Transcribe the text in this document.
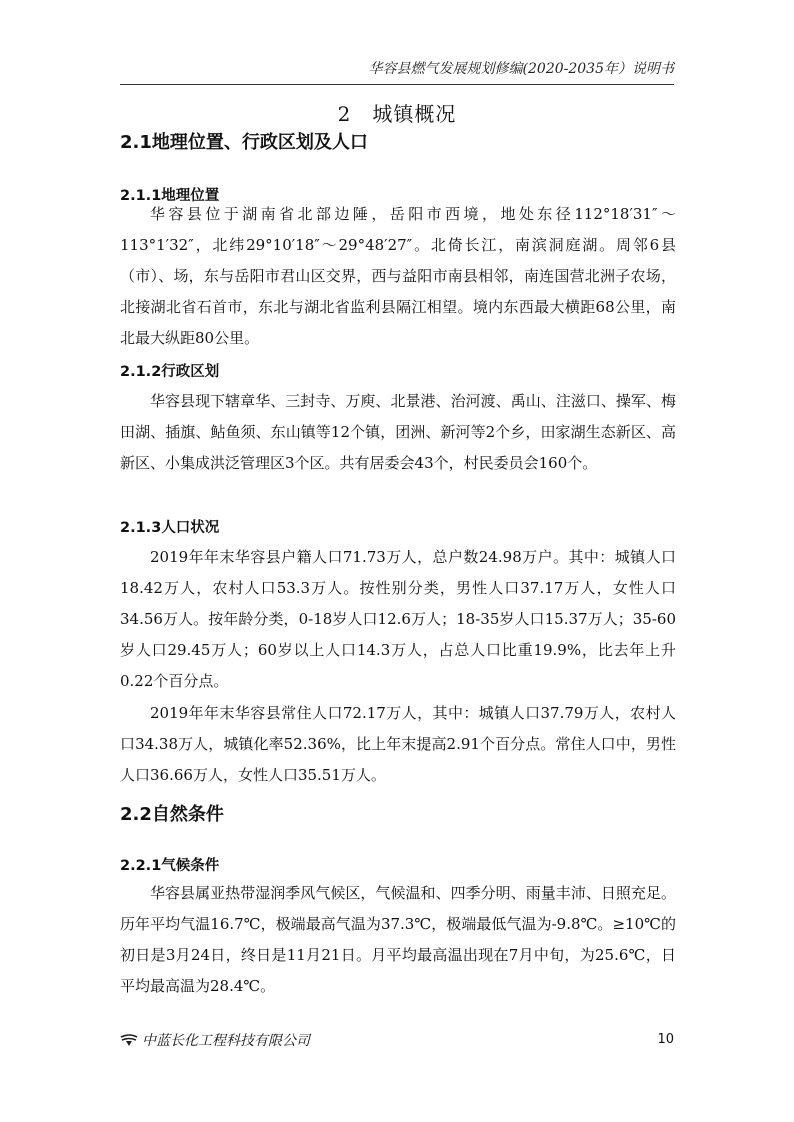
华容县燃气发展规划修编(2020-2035年）说明书
2　城镇概况
2.1地理位置、行政区划及人口
2.1.1地理位置
华容县位于湖南省北部边陲，岳阳市西境，地处东径112°18′31″～113°1′32″，北纬29°10′18″～29°48′27″。北倚长江，南滨洞庭湖。周邻6县（市）、场，东与岳阳市君山区交界，西与益阳市南县相邻，南连国营北洲子农场，北接湖北省石首市，东北与湖北省监利县隔江相望。境内东西最大横距68公里，南北最大纵距80公里。
2.1.2行政区划
华容县现下辖章华、三封寺、万庾、北景港、治河渡、禹山、注滋口、操军、梅田湖、插旗、鲇鱼须、东山镇等12个镇，团洲、新河等2个乡，田家湖生态新区、高新区、小集成洪泛管理区3个区。共有居委会43个，村民委员会160个。
2.1.3人口状况
2019年年末华容县户籍人口71.73万人，总户数24.98万户。其中：城镇人口18.42万人，农村人口53.3万人。按性别分类，男性人口37.17万人，女性人口34.56万人。按年龄分类，0-18岁人口12.6万人；18-35岁人口15.37万人；35-60岁人口29.45万人；60岁以上人口14.3万人，占总人口比重19.9%，比去年上升0.22个百分点。
2019年年末华容县常住人口72.17万人，其中：城镇人口37.79万人，农村人口34.38万人，城镇化率52.36%，比上年末提高2.91个百分点。常住人口中，男性人口36.66万人，女性人口35.51万人。
2.2自然条件
2.2.1气候条件
华容县属亚热带湿润季风气候区，气候温和、四季分明、雨量丰沛、日照充足。历年平均气温16.7℃，极端最高气温为37.3℃，极端最低气温为-9.8℃。≥10℃的初日是3月24日，终日是11月21日。月平均最高温出现在7月中旬，为25.6℃，日平均最高温为28.4℃。
中蓝长化工程科技有限公司	10
